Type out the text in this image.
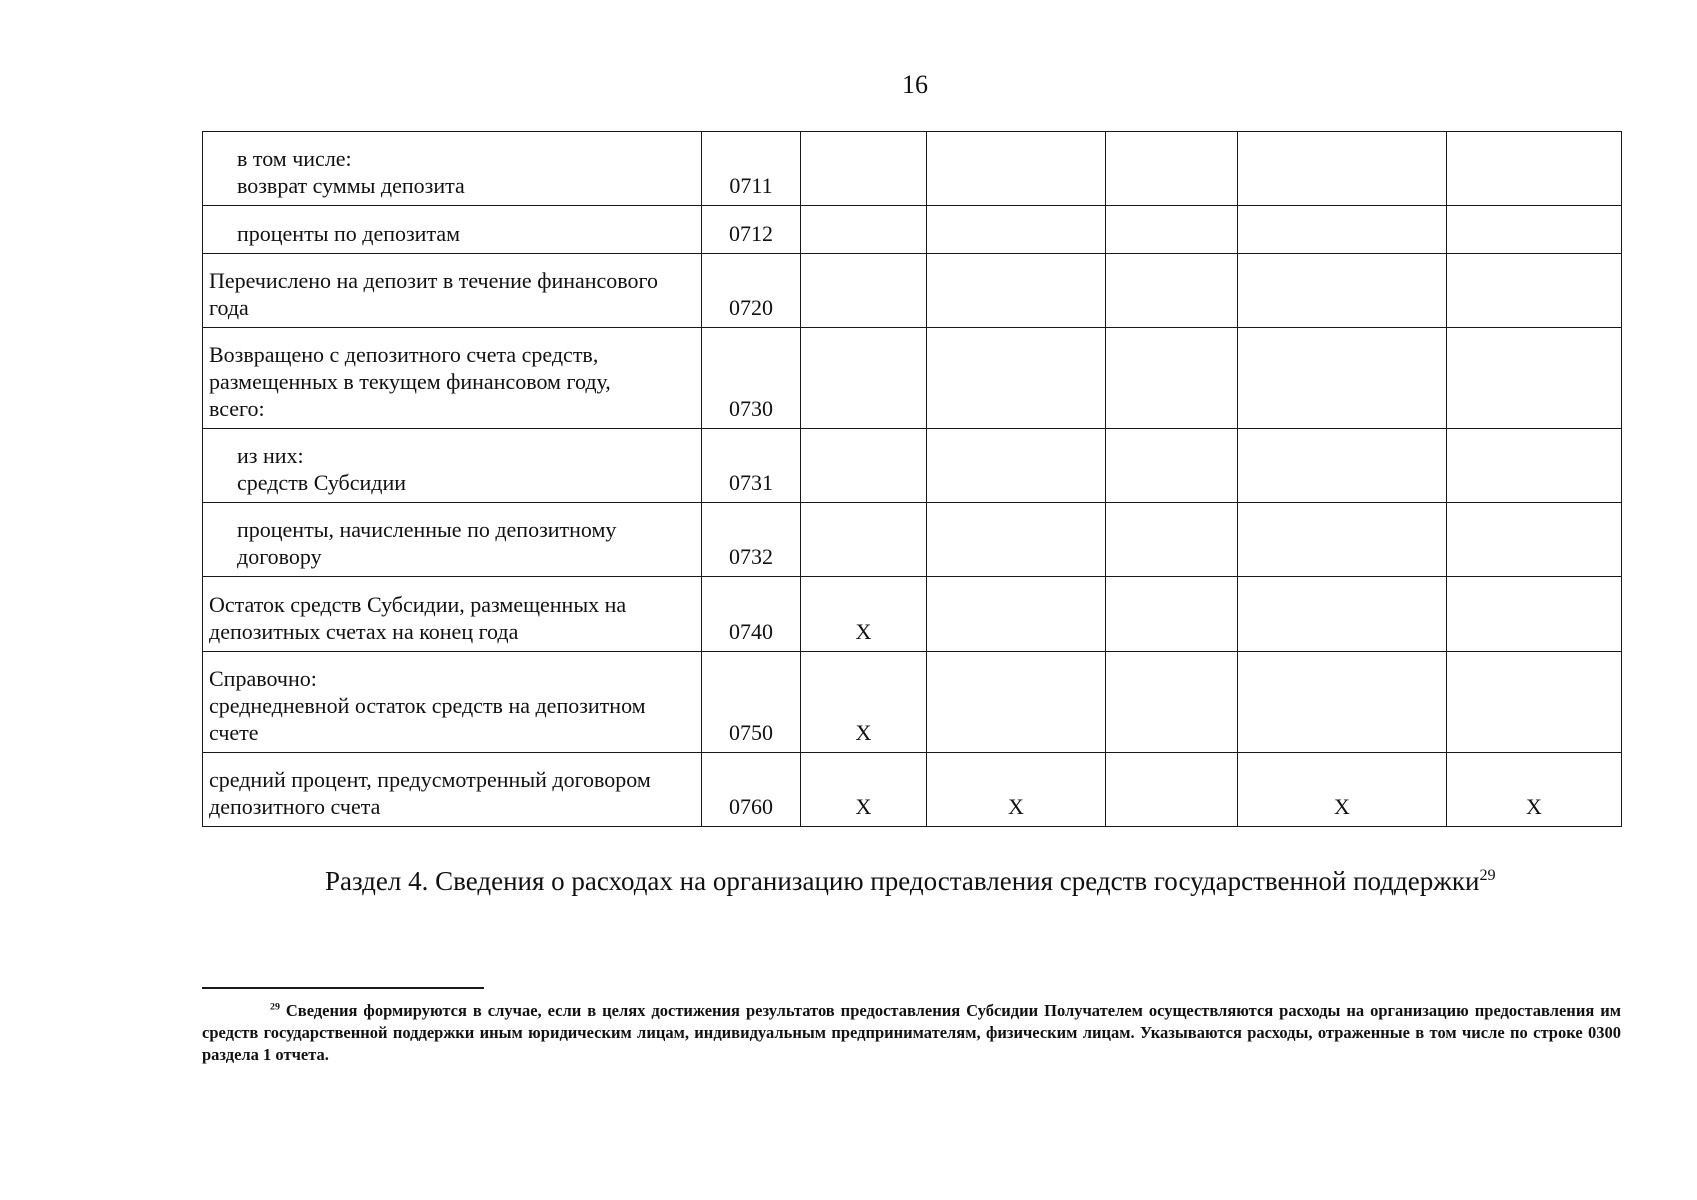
16
в том числе:
возврат суммы депозита	0711					
проценты по депозитам	0712					
Перечислено на депозит в течение финансового
года	0720					
Возвращено с депозитного счета средств,
размещенных в текущем финансовом году,
всего:	0730					
из них:
средств Субсидии	0731					
проценты, начисленные по депозитному
договору	0732					
Остаток средств Субсидии, размещенных на
депозитных счетах на конец года	0740	X				
Справочно:
среднедневной остаток средств на депозитном
счете	0750	X				
средний процент, предусмотренный договором
депозитного счета	0760	X	X		X	X
Раздел 4. Сведения о расходах на организацию предоставления средств государственной поддержки$^{29}$
$^{29}$ Сведения формируются в случае, если в целях достижения результатов предоставления Субсидии Получателем осуществляются расходы на организацию предоставления им средств государственной поддержки иным юридическим лицам, индивидуальным предпринимателям, физическим лицам. Указываются расходы, отраженные в том числе по строке 0300 раздела 1 отчета.
